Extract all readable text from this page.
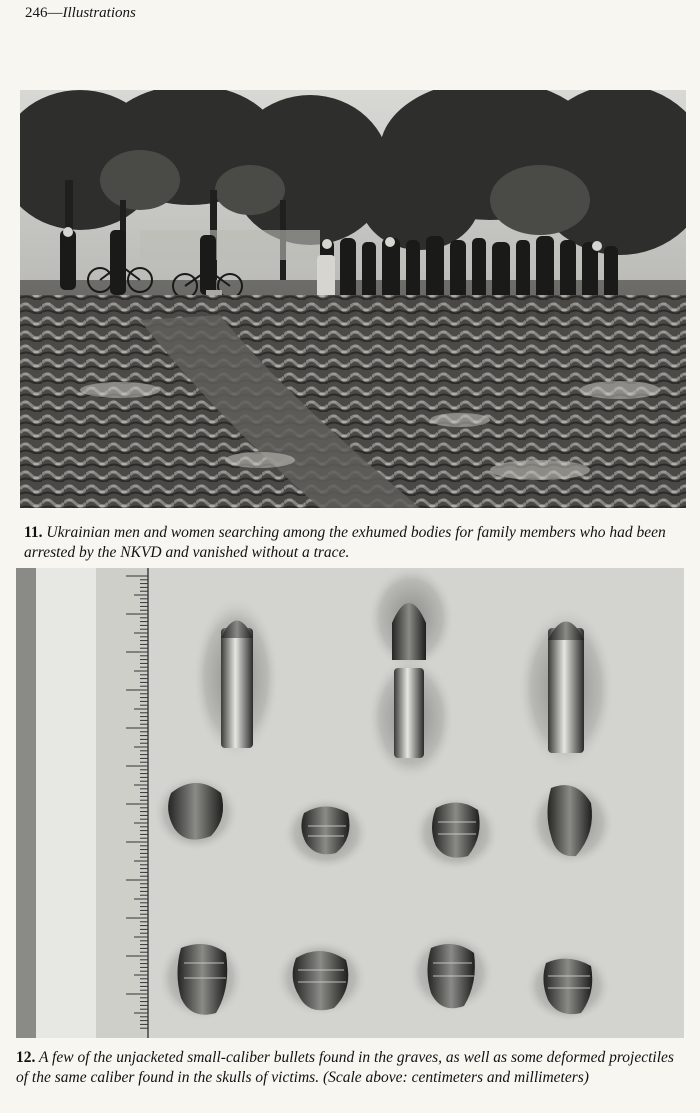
246—Illustrations
11. Ukrainian men and women searching among the exhumed bodies for family members who had been arrested by the NKVD and vanished without a trace.
12. A few of the unjacketed small-caliber bullets found in the graves, as well as some deformed projectiles of the same caliber found in the skulls of victims. (Scale above: centimeters and millimeters)
